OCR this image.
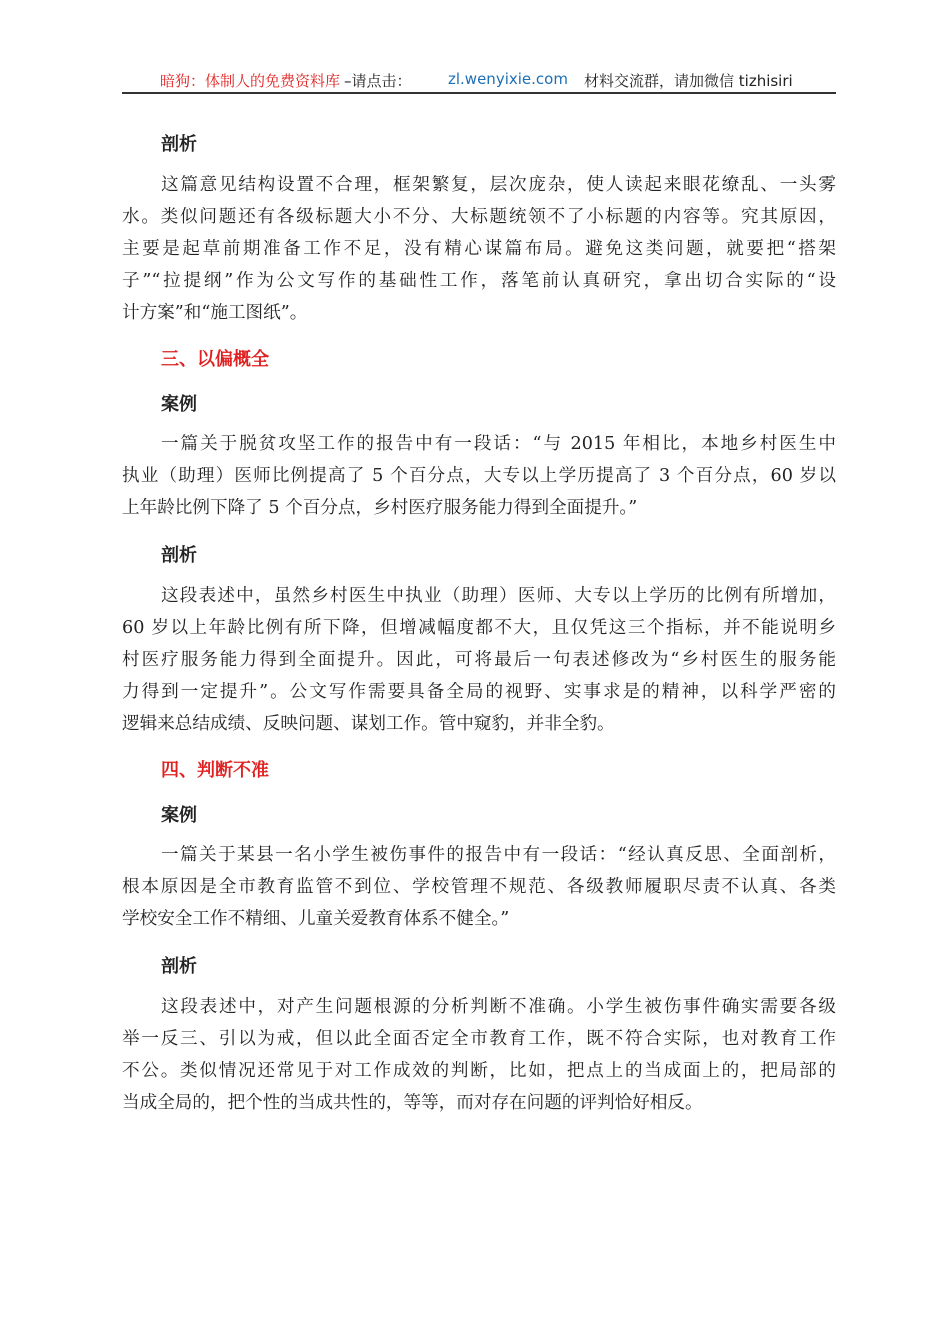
暗狗：体制人的免费资料库 –请点击： zl.wenyixie.com 材料交流群，请加微信 tizhisiri
剖析
这篇意见结构设置不合理，框架繁复，层次庞杂，使人读起来眼花缭乱、一头雾
水。类似问题还有各级标题大小不分、大标题统领不了小标题的内容等。究其原因，
主要是起草前期准备工作不足，没有精心谋篇布局。避免这类问题，就要把“搭架
子”“拉提纲”作为公文写作的基础性工作，落笔前认真研究，拿出切合实际的“设
计方案”和“施工图纸”。
三、以偏概全
案例
一篇关于脱贫攻坚工作的报告中有一段话：“与 2015 年相比，本地乡村医生中
执业（助理）医师比例提高了 5 个百分点，大专以上学历提高了 3 个百分点，60 岁以
上年龄比例下降了 5 个百分点，乡村医疗服务能力得到全面提升。”
剖析
这段表述中，虽然乡村医生中执业（助理）医师、大专以上学历的比例有所增加，
60 岁以上年龄比例有所下降，但增减幅度都不大，且仅凭这三个指标，并不能说明乡
村医疗服务能力得到全面提升。因此，可将最后一句表述修改为“乡村医生的服务能
力得到一定提升”。公文写作需要具备全局的视野、实事求是的精神，以科学严密的
逻辑来总结成绩、反映问题、谋划工作。管中窥豹，并非全豹。
四、判断不准
案例
一篇关于某县一名小学生被伤事件的报告中有一段话：“经认真反思、全面剖析，
根本原因是全市教育监管不到位、学校管理不规范、各级教师履职尽责不认真、各类
学校安全工作不精细、儿童关爱教育体系不健全。”
剖析
这段表述中，对产生问题根源的分析判断不准确。小学生被伤事件确实需要各级
举一反三、引以为戒，但以此全面否定全市教育工作，既不符合实际，也对教育工作
不公。类似情况还常见于对工作成效的判断，比如，把点上的当成面上的，把局部的
当成全局的，把个性的当成共性的，等等，而对存在问题的评判恰好相反。
